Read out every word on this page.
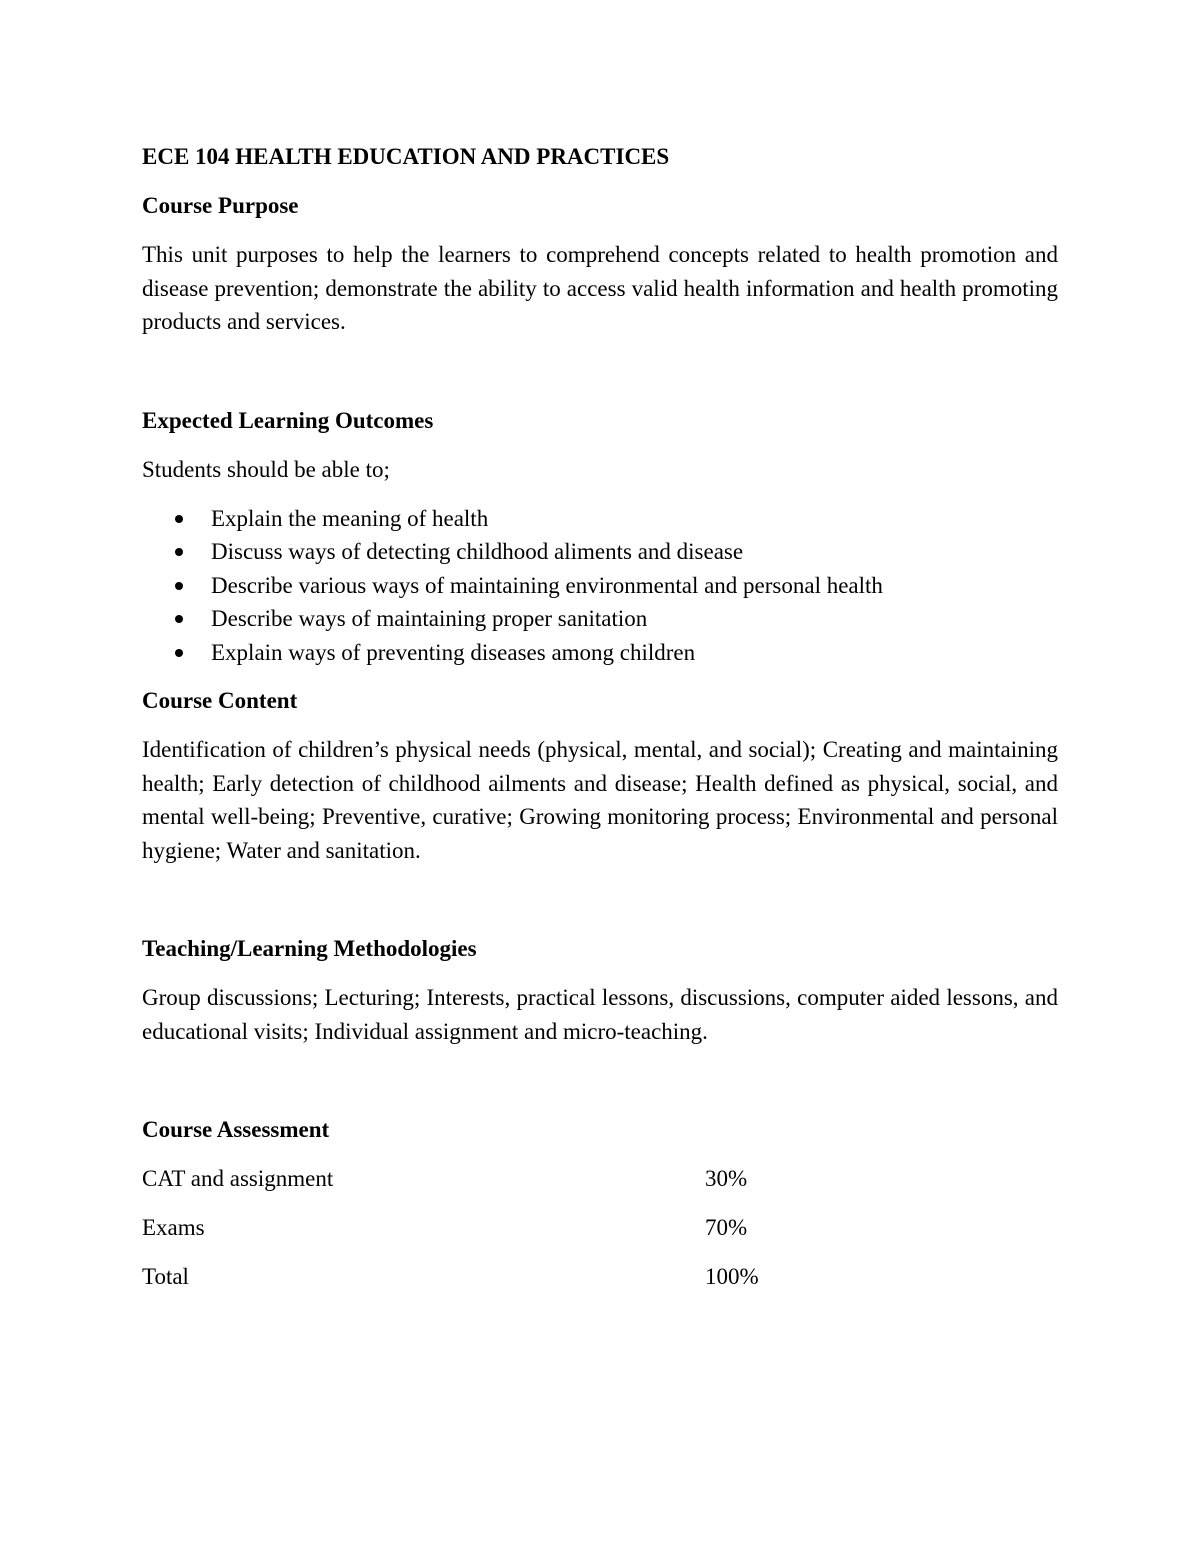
ECE 104 HEALTH EDUCATION AND PRACTICES
Course Purpose

This unit purposes to help the learners to comprehend concepts related to health promotion and disease prevention; demonstrate the ability to access valid health information and health promoting products and services.

Expected Learning Outcomes
Students should be able to;
Explain the meaning of health
Discuss ways of detecting childhood aliments and disease
Describe various ways of maintaining environmental and personal health
Describe ways of maintaining proper sanitation
Explain ways of preventing diseases among children
Course Content

Identification of children’s physical needs (physical, mental, and social); Creating and maintaining health; Early detection of childhood ailments and disease; Health defined as physical, social, and mental well-being; Preventive, curative; Growing monitoring process; Environmental and personal hygiene; Water and sanitation.

Teaching/Learning Methodologies

Group discussions; Lecturing; Interests, practical lessons, discussions, computer aided lessons, and educational visits; Individual assignment and micro-teaching.

Course Assessment
CAT and assignment	30%
Exams	70%
Total	100%
